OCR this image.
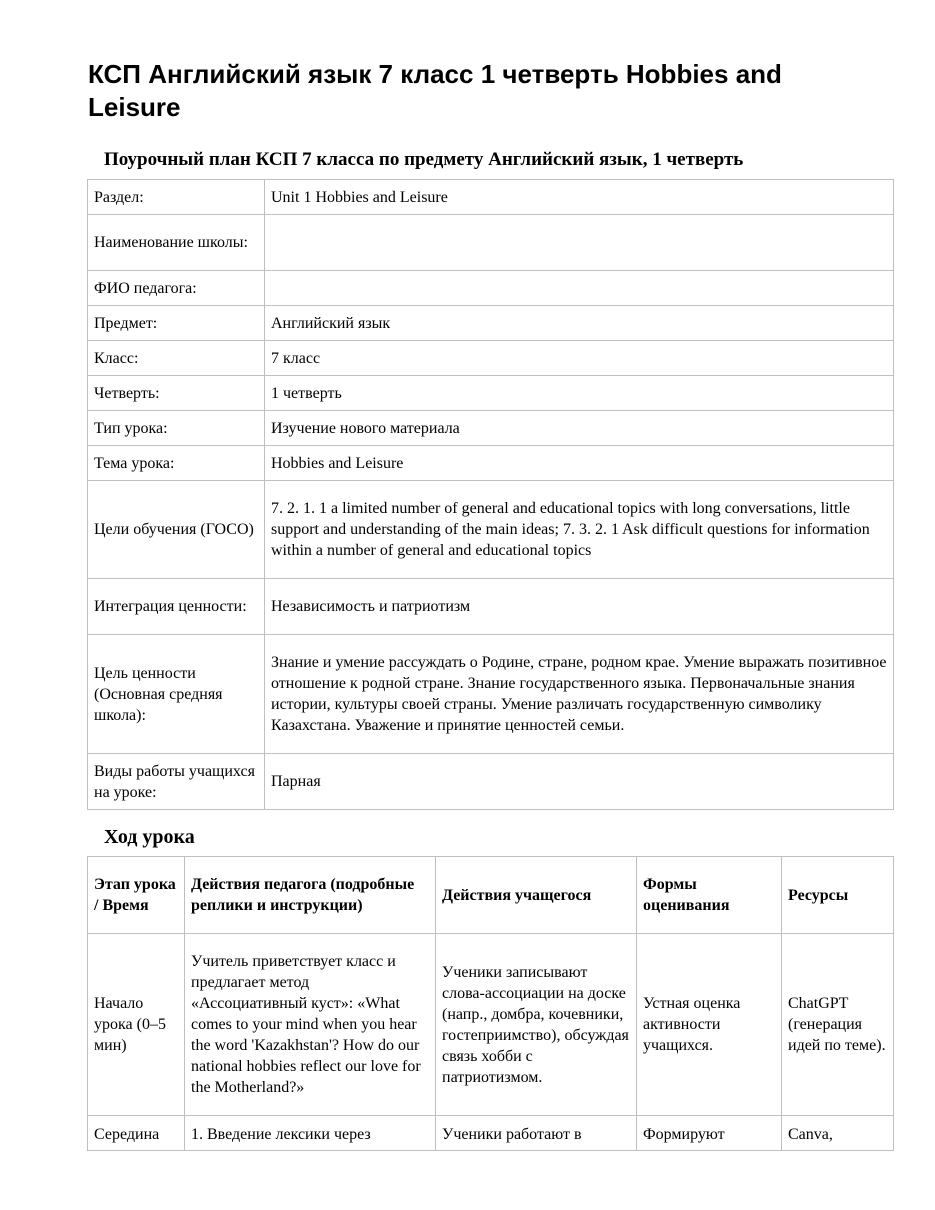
КСП Английский язык 7 класс 1 четверть Hobbies and Leisure
Поурочный план КСП 7 класса по предмету Английский язык, 1 четверть
Раздел:	Unit 1 Hobbies and Leisure
Наименование школы:	
ФИО педагога:	
Предмет:	Английский язык
Класс:	7 класс
Четверть:	1 четверть
Тип урока:	Изучение нового материала
Тема урока:	Hobbies and Leisure
Цели обучения (ГОСО)	7. 2. 1. 1 a limited number of general and educational topics with long conversations, little support and understanding of the main ideas; 7. 3. 2. 1 Ask difficult questions for information within a number of general and educational topics
Интеграция ценности:	Независимость и патриотизм
Цель ценности (Основная средняя школа):	Знание и умение рассуждать о Родине, стране, родном крае. Умение выражать позитивное отношение к родной стране. Знание государственного языка. Первоначальные знания истории, культуры своей страны. Умение различать государственную символику Казахстана. Уважение и принятие ценностей семьи.
Виды работы учащихся на уроке:	Парная
Ход урока
Этап урока / Время	Действия педагога (подробные реплики и инструкции)	Действия учащегося	Формы оценивания	Ресурсы
Начало урока (0–5 мин)	Учитель приветствует класс и предлагает метод «Ассоциативный куст»: «What comes to your mind when you hear the word 'Kazakhstan'? How do our national hobbies reflect our love for the Motherland?»	Ученики записывают слова-ассоциации на доске (напр., домбра, кочевники, гостеприимство), обсуждая связь хобби с патриотизмом.	Устная оценка активности учащихся.	ChatGPT (генерация идей по теме).
Середина	1. Введение лексики через	Ученики работают в	Формируют	Canva,
